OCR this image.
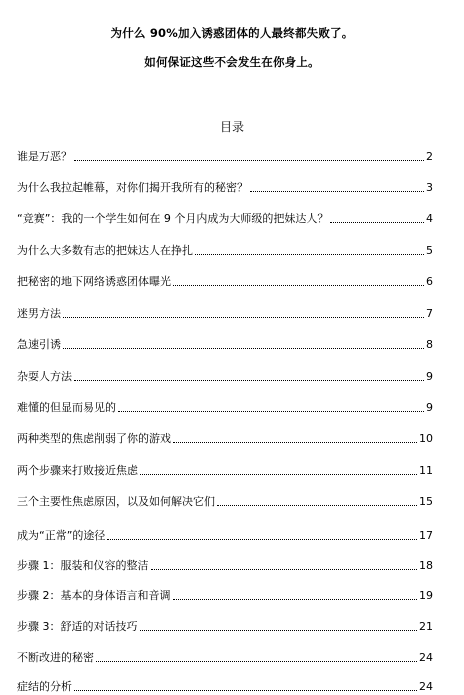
为什么 90%加入诱惑团体的人最终都失败了。
如何保证这些不会发生在你身上。
目录
谁是万恶？	2
为什么我拉起帷幕，对你们揭开我所有的秘密？	3
“竞赛”：我的一个学生如何在 9 个月内成为大师级的把妹达人？	4
为什么大多数有志的把妹达人在挣扎	5
把秘密的地下网络诱惑团体曝光	6
迷男方法	7
急速引诱	8
杂耍人方法	9
难懂的但显而易见的	9
两种类型的焦虑削弱了你的游戏	10
两个步骤来打败接近焦虑	11
三个主要性焦虑原因，以及如何解决它们	15
成为“正常”的途径	17
步骤 1：服装和仪容的整洁	18
步骤 2：基本的身体语言和音调	19
步骤 3：舒适的对话技巧	21
不断改进的秘密	24
症结的分析	24
